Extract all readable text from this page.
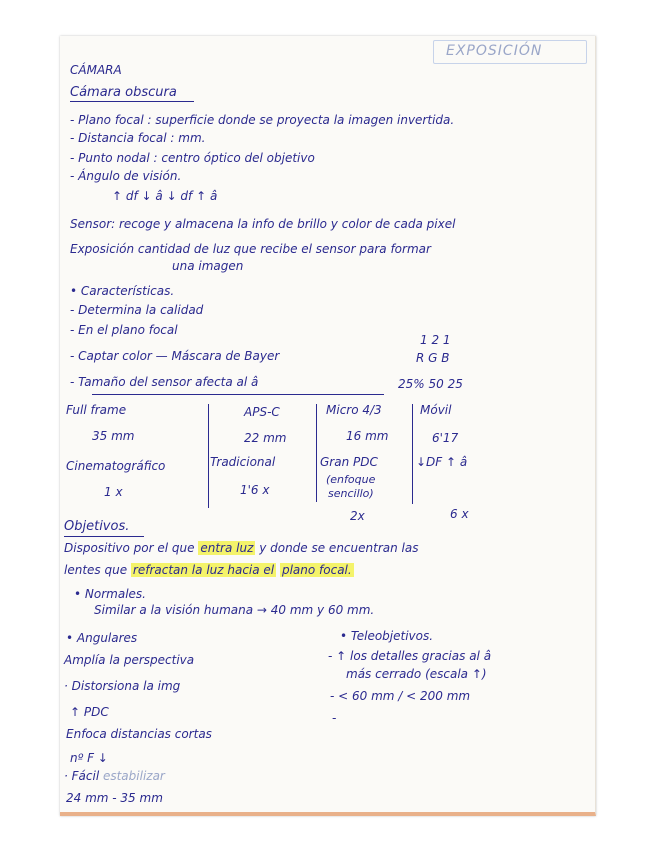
EXPOSICIÓN
CÁMARA
Cámara obscura
- Plano focal : superficie donde se proyecta la imagen invertida.
- Distancia focal : mm.
- Punto nodal : centro óptico del objetivo
- Ángulo de visión.
↑ df ↓ â ↓ df ↑ â
Sensor: recoge y almacena la info de brillo y color de cada pixel
Exposición cantidad de luz que recibe el sensor para formar
una imagen
• Características.
- Determina la calidad
- En el plano focal
- Captar color — Máscara de Bayer
1 2 1
R G B
- Tamaño del sensor afecta al â	25% 50 25
Full frame
35 mm
APS-C
22 mm
Micro 4/3
16 mm
Móvil
6'17
Cinematográfico
1 x
Tradicional
1'6 x
Gran PDC
(enfoque
sencillo)
2x
↓DF ↑ â
6 x
Objetivos.
Dispositivo por el que entra luz y donde se encuentran las
lentes que refractan la luz hacia el plano focal.
• Normales.
Similar a la visión humana → 40 mm y 60 mm.
• Angulares
Amplía la perspectiva
· Distorsiona la img
↑ PDC
Enfoca distancias cortas
nº F ↓
· Fácil estabilizar
24 mm - 35 mm
• Teleobjetivos.
- ↑ los detalles gracias al â
más cerrado (escala ↑)
- < 60 mm / < 200 mm
-
